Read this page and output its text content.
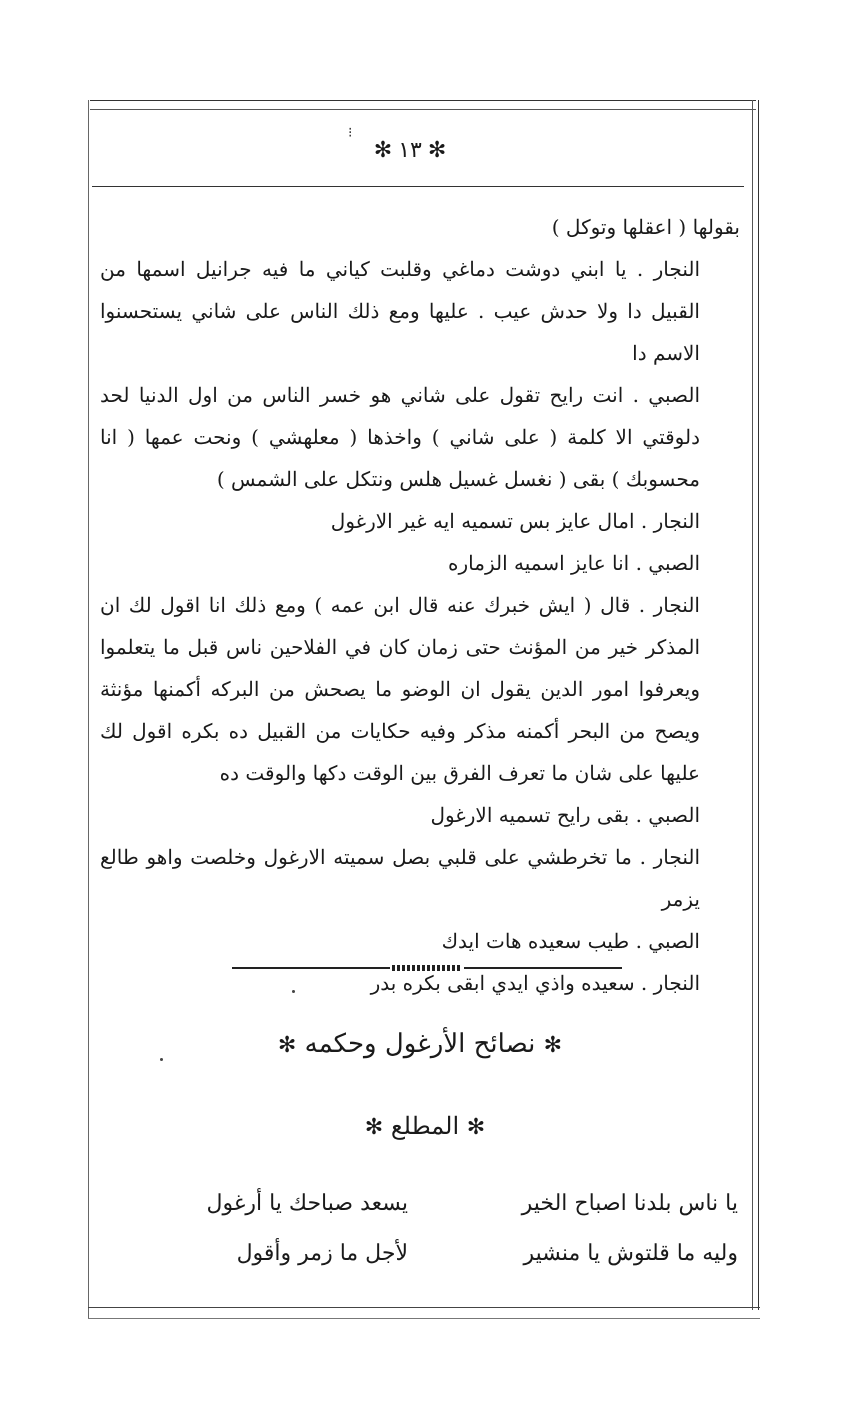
✻
١٣
✻
⁝

بقولها ( اعقلها وتوكل )

النجار . يا ابني دوشت دماغي وقلبت كياني ما فيه جرانيل اسمها من القبيل دا ولا حدش عيب . عليها ومع ذلك الناس على شاني يستحسنوا الاسم دا

الصبي . انت رايح تقول على شاني هو خسر الناس من اول الدنيا لحد دلوقتي الا كلمة ( على شاني ) واخذها ( معلهشي ) ونحت عمها ( انا محسوبك ) بقى ( نغسل غسيل هلس ونتكل على الشمس )

النجار . امال عايز بس تسميه ايه غير الارغول

الصبي . انا عايز اسميه الزماره

النجار . قال ( ايش خبرك عنه قال ابن عمه ) ومع ذلك انا اقول لك ان المذكر خير من المؤنث حتى زمان كان في الفلاحين ناس قبل ما يتعلموا ويعرفوا امور الدين يقول ان الوضو ما يصحش من البركه أكمنها مؤنثة ويصح من البحر أكمنه مذكر وفيه حكايات من القبيل ده بكره اقول لك عليها على شان ما تعرف الفرق بين الوقت دكها والوقت ده

الصبي . بقى رايح تسميه الارغول

النجار . ما تخرطشي على قلبي بصل سميته الارغول وخلصت واهو طالع يزمر

الصبي . طيب سعيده هات ايدك

النجار . سعيده واذي ايدي ابقى بكره بدر

✻ نصائح الأرغول وحكمه ✻
✻ المطلع ✻
يا ناس بلدنا اصباح الخير
يسعد صباحك يا أرغول
وليه ما قلتوش يا منشير
لأجل ما زمر وأقول
